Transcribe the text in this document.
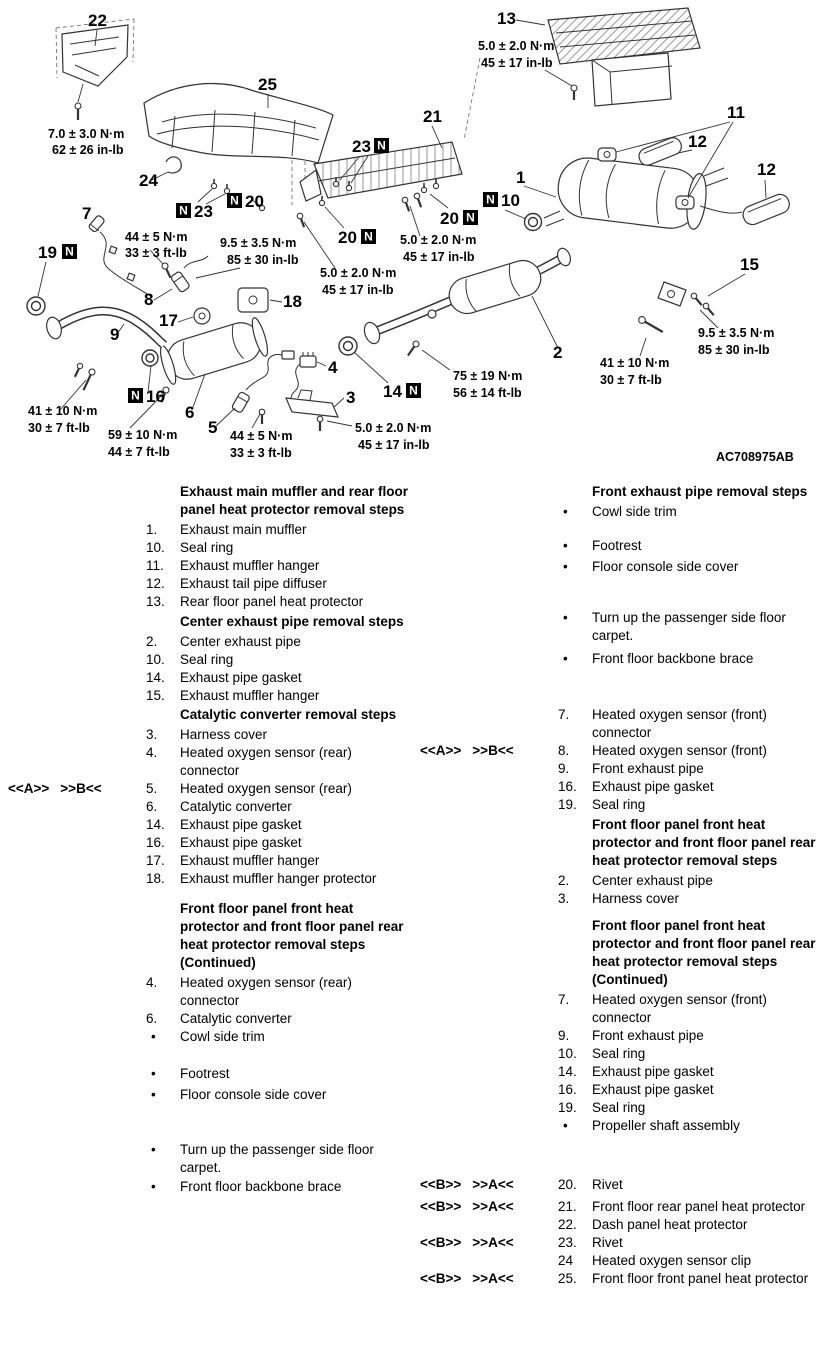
N
N
N
N
N
N
N
N	N
22
25
13
21
23
11
12
12
1
24
23
20
20
20
10
7
19
8
17
18
9
16
6
5
4
3 14
2
15
7.0 ± 3.0 N·m
62 ± 26 in-lb
5.0 ± 2.0 N·m
45 ± 17 in-lb
44 ± 5 N·m
33 ± 3 ft-lb
9.5 ± 3.5 N·m
85 ± 30 in-lb
5.0 ± 2.0 N·m
45 ± 17 in-lb
5.0 ± 2.0 N·m
45 ± 17 in-lb
75 ± 19 N·m
56 ± 14 ft-lb
41 ± 10 N·m
30 ± 7 ft-lb
9.5 ± 3.5 N·m
85 ± 30 in-lb
41 ± 10 N·m
30 ± 7 ft-lb 59 ± 10 N·m
44 ± 7 ft-lb
44 ± 5 N·m
33 ± 3 ft-lb
5.0 ± 2.0 N·m
45 ± 17 in-lb
AC708975AB
Exhaust main muffler and rear floor panel heat protector removal steps
1.	Exhaust main muffler
10.	Seal ring
11.	Exhaust muffler hanger
12.	Exhaust tail pipe diffuser
13.	Rear floor panel heat protector
Center exhaust pipe removal steps
2.	Center exhaust pipe
10.	Seal ring
14.	Exhaust pipe gasket
15.	Exhaust muffler hanger
Catalytic converter removal steps
3.	Harness cover
4.	Heated oxygen sensor (rear) connector
<<A>> >>B<<	5.	Heated oxygen sensor (rear)
6.	Catalytic converter
14.	Exhaust pipe gasket
16.	Exhaust pipe gasket
17.	Exhaust muffler hanger
18.	Exhaust muffler hanger protector
Front floor panel front heat protector and front floor panel rear heat protector removal steps (Continued)
4.	Heated oxygen sensor (rear) connector
6.	Catalytic converter
•	Cowl side trim
•	Footrest
•	Floor console side cover
•	Turn up the passenger side floor carpet.
•	Front floor backbone brace
Front exhaust pipe removal steps
•	Cowl side trim
•	Footrest
•	Floor console side cover
•	Turn up the passenger side floor carpet.
•	Front floor backbone brace
7.	Heated oxygen sensor (front) connector
<<A>> >>B<<	8.	Heated oxygen sensor (front)
9.	Front exhaust pipe
16.	Exhaust pipe gasket
19.	Seal ring
Front floor panel front heat protector and front floor panel rear heat protector removal steps
2.	Center exhaust pipe
3.	Harness cover
Front floor panel front heat protector and front floor panel rear heat protector removal steps (Continued)
7.	Heated oxygen sensor (front) connector
9.	Front exhaust pipe
10.	Seal ring
14.	Exhaust pipe gasket
16.	Exhaust pipe gasket
19.	Seal ring
•	Propeller shaft assembly
<<B>> >>A<<	20.	Rivet
<<B>> >>A<<	21.	Front floor rear panel heat protector
22.	Dash panel heat protector
<<B>> >>A<<	23.	Rivet
24	Heated oxygen sensor clip
<<B>> >>A<<	25.	Front floor front panel heat protector
